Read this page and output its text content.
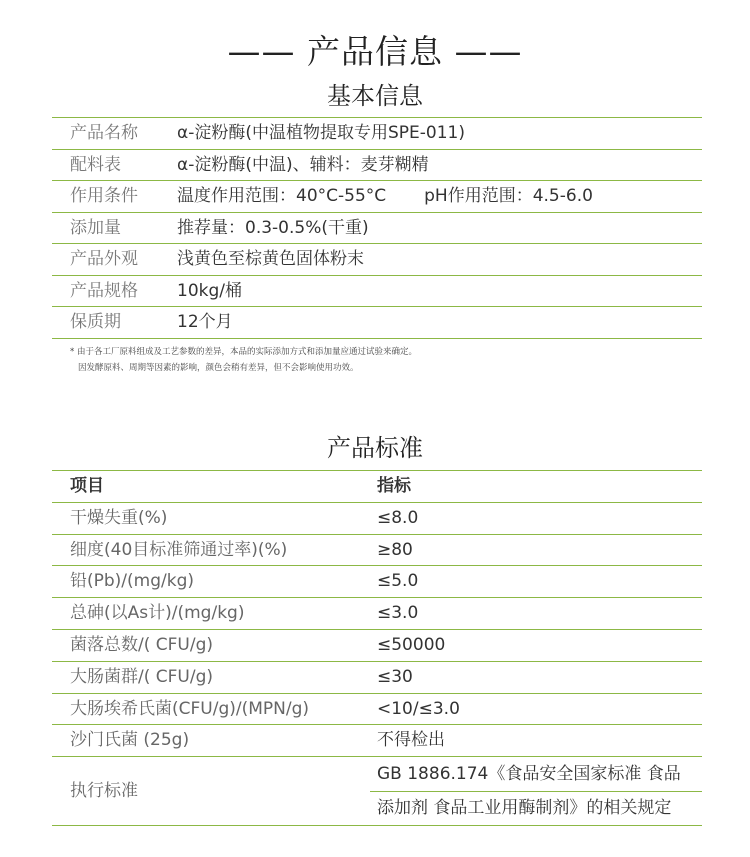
—— 产品信息 ——
基本信息
产品名称 α-淀粉酶(中温植物提取专用SPE-011)
配料表	α-淀粉酶(中温)、辅料：麦芽糊精
作用条件 温度作用范围：40°C-55°C pH作用范围：4.5-6.0
添加量	推荐量：0.3-0.5%(干重)
产品外观 浅黄色至棕黄色固体粉末
产品规格 10kg/桶
保质期	12个月
* 由于各工厂原料组成及工艺参数的差异，本品的实际添加方式和添加量应通过试验来确定。
因发酵原料、周期等因素的影响，颜色会稍有差异，但不会影响使用功效。
产品标准
项目	指标
干燥失重(%)	≤8.0
细度(40目标准筛通过率)(%)	≥80
铅(Pb)/(mg/kg)	≤5.0
总砷(以As计)/(mg/kg)	≤3.0
菌落总数/( CFU/g)	≤50000
大肠菌群/( CFU/g)	≤30
大肠埃希氏菌(CFU/g)/(MPN/g)	<10/≤3.0
沙门氏菌 (25g)	不得检出
执行标准
GB 1886.174《食品安全国家标准 食品
添加剂 食品工业用酶制剂》的相关规定
